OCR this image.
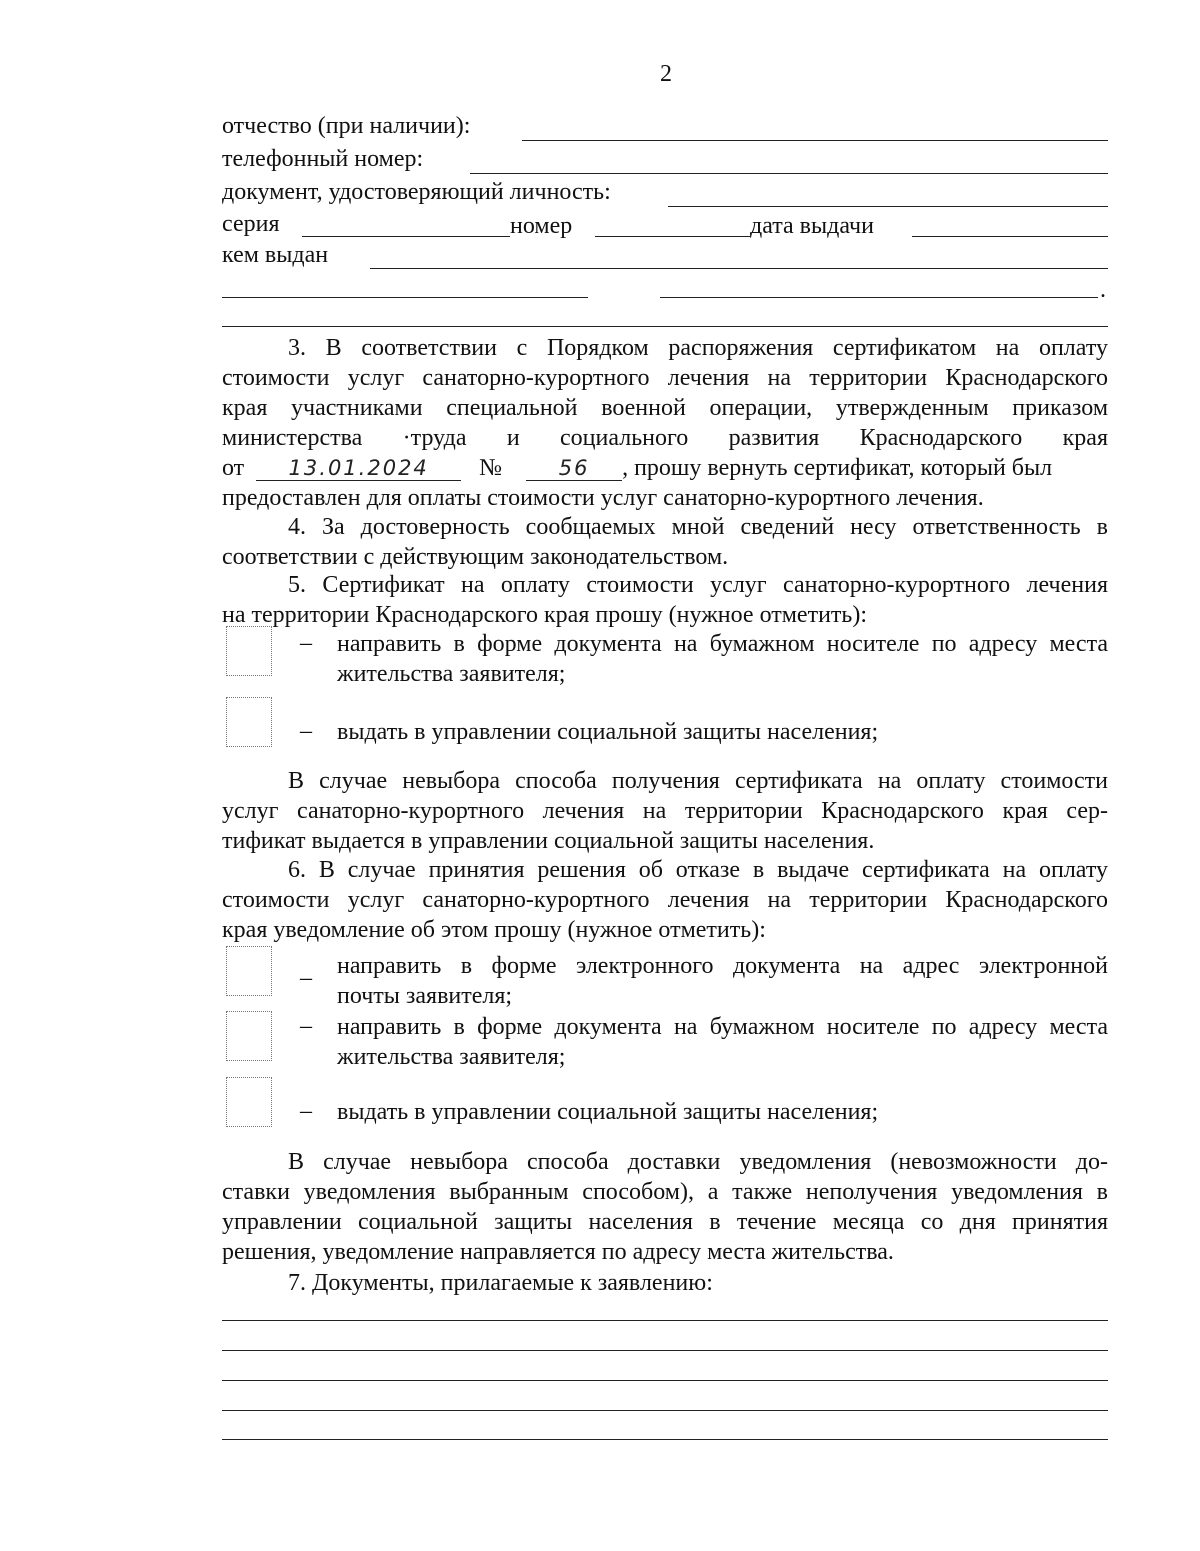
2
отчество (при наличии):
телефонный номер:
документ, удостоверяющий личность:
серия	номер	дата выдачи
кем выдан
.
3. В соответствии с Порядком распоряжения сертификатом на оплату
стоимости услуг санаторно-курортного лечения на территории Краснодарского
края участниками специальной военной операции, утвержденным приказом
министерства ·труда и социального развития Краснодарского края
от 13.01.2024 №	56 , прошу вернуть сертификат, который был
предоставлен для оплаты стоимости услуг санаторно-курортного лечения.
4. За достоверность сообщаемых мной сведений несу ответственность в
соответствии с действующим законодательством.
5. Сертификат на оплату стоимости услуг санаторно-курортного лечения
на территории Краснодарского края прошу (нужное отметить):
– направить в форме документа на бумажном носителе по адресу места
жительства заявителя;
– выдать в управлении социальной защиты населения;
В случае невыбора способа получения сертификата на оплату стоимости
услуг санаторно-курортного лечения на территории Краснодарского края сер-
тификат выдается в управлении социальной защиты населения.
6. В случае принятия решения об отказе в выдаче сертификата на оплату
стоимости услуг санаторно-курортного лечения на территории Краснодарского
края уведомление об этом прошу (нужное отметить):
_ направить в форме электронного документа на адрес электронной
почты заявителя;
– направить в форме документа на бумажном носителе по адресу места
жительства заявителя;
– выдать в управлении социальной защиты населения;
В случае невыбора способа доставки уведомления (невозможности до-
ставки уведомления выбранным способом), а также неполучения уведомления в
управлении социальной защиты населения в течение месяца со дня принятия
решения, уведомление направляется по адресу места жительства.
7. Документы, прилагаемые к заявлению:
